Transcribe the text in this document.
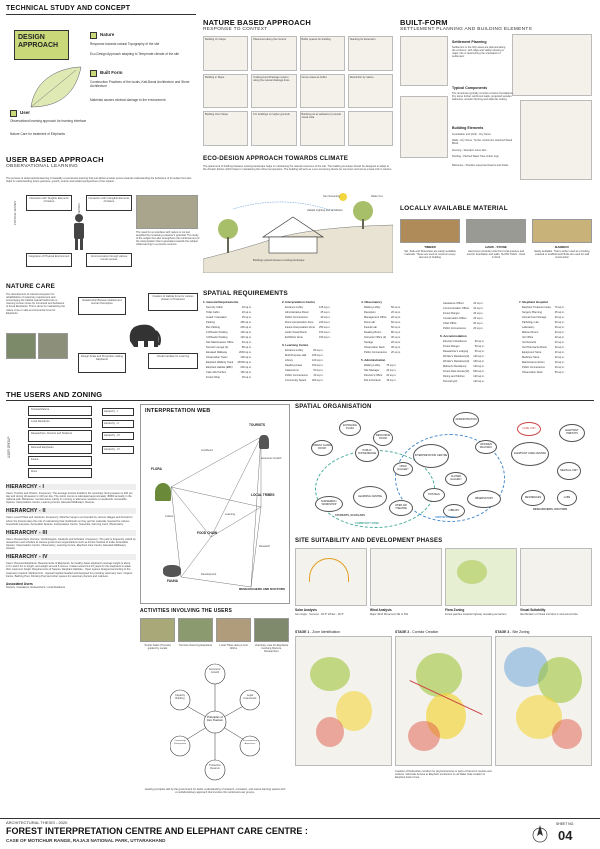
TECHNICAL STUDY AND CONCEPT
DESIGN APPROACH
Nature
Response towards natural Topography of the site
Eco-Design Approach adapting to Temperate climate of the site
Built Form
Construction Practices of the locals, Kati-Banal Architecture and Stone Architecture
Materials causes minimal damage to the environment
User
Observational learning approach for learning Interface
Nature Care for treatment of Elephants
NATURE BASED APPROACH
RESPONSE TO CONTEXT
Building On Slope	Placement along the contour	Buffer spaces for building	Stacking for Extension
Building in Slope	Underground Drainage system along the natural drainage lines
Green areas as buffer	Restriction by nature
Building Over Slope	For buildings on higher grounds	Building put at setbacks to provide visual vista
BUILT-FORM
SETTLEMENT PLANNING AND BUILDING ELEMENTS
Settlement Planning
Settlement in the hilly areas are planned along the contours, with ridge and valleys playing a major role in determining the orientation of settlement.
Typical Components
The structures typically consists of stone foundations, Dry stone timber reinforced walls, projected wooden balconies, wooden flooring and slate tile roofing
Building Elements
Foundation and plinth - Dry Stone
Walls - Dry Stone, Timber reinforced, Hatched Wood Block
Flooring - Wooden/ stone tiles
Roofing - Pitched Slate/ Tiles timber logs
Balconies - Wooden supported beams and lintels
USER BASED APPROACH
OBSERVATIONAL LEARNING
The process of observational learning is basically a successive learning that just allows a better sense towards understanding the behaviour of its subject but also helps in understanding future gestures, growth, routine and related perspectives of the subject.
Interaction with Tangible Elements of Nature
Interaction with Intangible Elements of Nature
Integration of Physical Environment	Communication through various human senses
PHYSICAL SENSES
The need for an interface with nature is not just amplified by increasing a learner's potential. The study of the subject but also strengthens the reinforcement of the interpretation that it generates towards the subject while learning in a process sources.
ECO-DESIGN APPROACH TOWARDS CLIMATE
The placement of building between existing landscape helps in maintaining the natural resources of the site. The building envelope should be designed to adapt to the climatic factors which helps in maintaining the indoor temperature. The building will acts as a sun screening device for summers and act as a heat sink in winters.
Habitat Lighting and Ventilation
Sun Screening	Water Cut
Buildings placed between existing landscape
LOCALLY AVAILABLE MATERIAL
TIMBER	HARD - STONE	BAMBOO
Sal, Teak and Sheesham are easily available materials. These are used to construct every element of building
Hard stone (Granite) was from local quarries and used in foundation and walls. SLATE TILES - Used in Roof
Easily available. That is either used as a binding material or scaffold and blinds are used for wall construction
NATURE CARE
The development of natural ecosystem for rehabilitation of veterinary requirement and encouraging the habitat natural herbivores in roaming versus zones for immersed and behaviour of those Elephants. This is done for maintaining the nature zone or safe environmental zone for Elephants.
Relationship Between Habitat and Human Perception
Creation of Habitat Zone for various phases of Treatment
Design Scale and Proportion relating Elephants
Visual Interface for Learning
SPATIAL REQUIREMENTS
1. General Requirements
Security Cabin	20 sq.m.
Toilet Cabin	20 sq.m.
Guard / Caretaker	25 sq.m.
Parking	450 sq.m.
Bus Parking	200 sq.m.
2-Wheeler Parking	100 sq.m.
3-Wheeler Parking	120 sq.m.
Site Maintenance Office	40 sq.m.
Servant Lounge (2)	80 sq.m.
Elevated Walkway	2000 sq.m.
Observation Tower	100 sq.m.
Elephant Walking Track	28700 sq.m.
Elephant Habitat (EBF)	200 sq.m.
Cafe with Kitchen	150 sq.m.
Forest Shop	25 sq.m.
2. Interpretation Centre
Entrance Lobby	125 sq.m.
Administrative Room	25 sq.m.
Public Convenience	40 sq.m.
Flora Interpretation Zone	240 sq.m.
Fauna Interpretation Zone	250 sq.m.
Audio Visual Room	150 sq.m.
Exhibition Zone	150 sq.m.
3. Learning Centre
Entrance Lobby	80 sq.m.
Multi-Purpose Hall	165 sq.m.
Library	120 sq.m.
Reading Areas	150 sq.m.
Classrooms	50 sq.m.
Public Convenience	40 sq.m.
Community Space	200 sq.m.
4. Observatory
Waiting Lobby	60 sq.m.
Reception	20 sq.m.
Management Office	20 sq.m.
Flora Lab	60 sq.m.
Faunal Lab	60 sq.m.
Reading Room	80 sq.m.
Instructor Office (2)	30 sq.m.
Storage	20 sq.m.
Observation Deck	30 sq.m.
Public Convenience	20 sq.m.
5. Administration
Waiting Lobby	75 sq.m.
Site Manager	20 sq.m.
Director's Office	20 sq.m.
File & Dockets	15 sq.m.
Assistance Officer	20 sq.m.
Communication Officer	20 sq.m.
Forest Ranger	20 sq.m.
Conservation Officer	20 sq.m.
Chief Office	60 sq.m.
Public Convenience	20 sq.m.
6. Accommodation
Director's Residence	90 sq.m.
Forest Ranger	50 sq.m.
Researcher's Lodging	50 sq.m.
Worker's Residence(2)	120 sq.m.
Worker's Residence(3)	160 sq.m.
Mahout's Residence	120 sq.m.
Forest Rest House(10)	600 sq.m.
Dining and Kitchen	120 sq.m.
Dormitory(2)	140 sq.m.
7. Elephant Hospital
Elephant Treatment Area	70 sq.m.
Surgery Planning	25 sq.m.
Animal Food Storage	40 sq.m.
Pathology Lab	60 sq.m.
Laboratory	20 sq.m.
Mahout Room	20 sq.m.
Vet Office	20 sq.m.
Vet Records	20 sq.m.
Vet Pharmacist Room	20 sq.m.
Equipment Store	20 sq.m.
Medicine Store	20 sq.m.
Maintenance Room	20 sq.m.
Public Convenience	20 sq.m.
Observation Deck	50 sq.m.
THE USERS AND ZONING
USER GROUP
Tourists/Visitors
Local Residents
Researchers, Doctors and Students
Rescued Elephants
Fauna
Flora
Hierarchy - I
Hierarchy - II
Hierarchy - III
Hierarchy - IV
HIERARCHY - I
Users: Tourists and Visitors. Frequency: The average tourists footfall in the sanctuary during season is 200 per day and during off-season is 100 per day. The visitor counts is calculated approximately 45000 annually in the national park. Behaviour: tourists arrive mainly in morning or afternoon sessions or weekends. Accessible Spaces: Interpretation Centre, Learning Centre, Elevated Walkways, Rescue.
HIERARCHY - II
Users: Local Tribes and residents. Frequency: Motichur range is surrounded by various villages and forests for whom the forests plays the role of maintaining their livelihoods so they get the materials required for various household purposes. Accessible Spaces: Interpretation Centre, Nurseries, Farming Land, Observatory.
HIERARCHY - III
Users: Researchers, Doctors, Ornithologists, Students and Scholars. Frequency: The park is frequently visited by researchers and scholars at various government organizations such as Forest Institute of India. Accessible Spaces: Interpretation Centre, Observatory, Learning Centre, Elephant Care Centre, Elevated Walkways, Hostels.
HIERARCHY - IV
Users: Rescued Elephants. Requirements of Elephants: An healthy Asian elephant's average height is about 2.7m and 6.4m in length, and weighs around 5 tonnes. It takes around 14-15 years for the elephants to attain their maximum height. Requirements of Spaces: Elephant Habitats - Open spaces designed according to the treatment required. Medical Unit - Special hospital headed and designed for providing veterinary care. Organic Farms, Bathing Pool, Drinking Pool and other spaces for veterinary doctors and mahouts.
Associated Users
Doctors, Caretakers, Researchers, Local Residents
INTERPRETATION WEB
TOURISTS
FLORA
LOCAL TRIBES
FOOD CHAIN
FAUNA
RESEARCHERS AND DOCTORS
Economic Growth
Livelihood
Learning
Culture
Research
Development
ACTIVITIES INVOLVING THE USERS
Tourist Safari (Tourists) guided by Locals
Tourists observing Elephants	Local Tribes doing Local Works
Veterinary care for Elephants involving Doctors, Researchers
Economic Growth
Legal Framework
Environmental Awareness
Protection Reserve
Community Participation
Capacity Building
Principles of Eco Tourism
Guiding principles laid by the government for better understanding of research, recreation, and nature learning spaces with a multidisciplinary approach that involves the mentioned user groups.
SPATIAL ORGANISATION
ENTRANCE PLAZA
RESOURCE ROOM
ADMINISTRATION
CARE UNIT
FOREST GUARD ROOM
PUBLIC CONVENIENCE
INTERPRETATION CENTRE
ELEPHANT CARE CENTRE
ELEPHANT HABITATS
OPEN GALLERY
CLOSED GALLERY
WOODEN WALKWAY
MEDICAL UNIT
LEARNING CENTRE
HOSTELS
OBSERVATORY	RESIDENCES	LABS
NURSERIES / WORKSHOP	OPEN AIR THEATRE
LIBRARY
COMMUNITY ZONE
VISITOR'S ZONE
STUDENTS, SCHOLARS
RESEARCHERS, DOCTORS
SITE SUITABILITY AND DEVELOPMENT PHASES
Solar Analysis
Sun Angle - Summer - 82.5° Winter - 36.5°
Wind Analysis
Major Wind Movement NE to SW
Flora Zoning
Forest patches towards highway revealing as barriers
Visual Suitability
Identification of Visual corridors in and around Site
STAGE 1 - Zone Identification	STAGE 2 - Corridor Creation	STAGE 3 - Site Zoning
Creation of Pedestrian corridors for physical access to parts of forest for tourists and workers. Vehicular Access to Elephant enclosures is via Water Hole creation in Elephant track zones.
ARCHITECTURAL THESIS - 2020
FOREST INTERPRETATION CENTRE AND ELEPHANT CARE CENTRE :
CASE OF MOTICHUR RANGE, RAJAJI NATIONAL PARK, UTTARAKHAND
SHEET NO.
04
